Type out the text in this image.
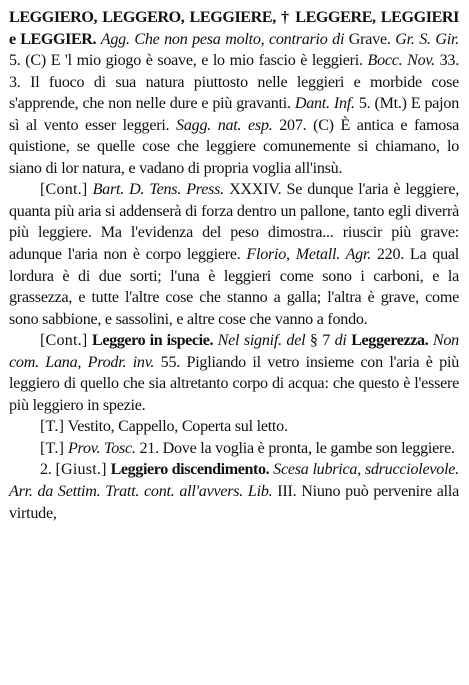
LEGGIERO, LEGGERO, LEGGIERE, † LEGGERE, LEGGIERI e LEGGIER. Agg. Che non pesa molto, contrario di Grave. Gr. S. Gir. 5. (C) E 'l mio giogo è soave, e lo mio fascio è leggieri. Bocc. Nov. 33. 3. Il fuoco di sua natura piuttosto nelle leggieri e morbide cose s'apprende, che non nelle dure e più gravanti. Dant. Inf. 5. (Mt.) E pajon sì al vento esser leggeri. Sagg. nat. esp. 207. (C) È antica e famosa quistione, se quelle cose che leggiere comunemente si chiamano, lo siano di lor natura, e vadano di propria voglia all'insù.

[Cont.] Bart. D. Tens. Press. XXXIV. Se dunque l'aria è leggiere, quanta più aria si addenserà di forza dentro un pallone, tanto egli diverrà più leggiere. Ma l'evidenza del peso dimostra... riuscir più grave: adunque l'aria non è corpo leggiere. Florio, Metall. Agr. 220. La qual lordura è di due sorti; l'una è leggieri come sono i carboni, e la grassezza, e tutte l'altre cose che stanno a galla; l'altra è grave, come sono sabbione, e sassolini, e altre cose che vanno a fondo.

[Cont.] Leggero in ispecie. Nel signif. del § 7 di Leggerezza. Non com. Lana, Prodr. inv. 55. Pigliando il vetro insieme con l'aria è più leggiero di quello che sia altretanto corpo di acqua: che questo è l'essere più leggiero in spezie.

[T.] Vestito, Cappello, Coperta sul letto.

[T.] Prov. Tosc. 21. Dove la voglia è pronta, le gambe son leggiere.

2. [Giust.] Leggiero discendimento. Scesa lubrica, sdrucciolevole. Arr. da Settim. Tratt. cont. all'avvers. Lib. III. Niuno può pervenire alla virtude,
